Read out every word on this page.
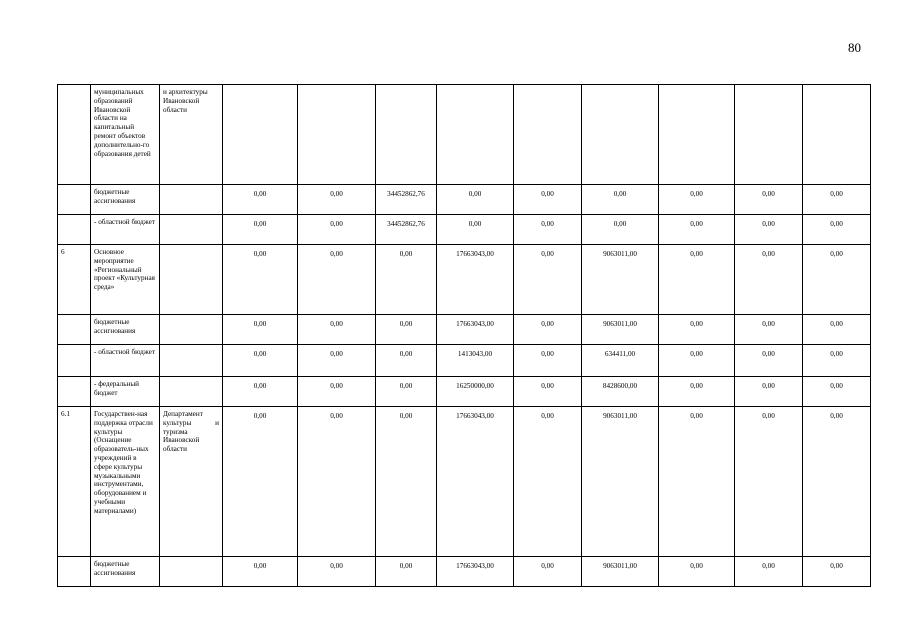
80
	муниципальных образований Ивановской области на капитальный ремонт объектов дополнительно-го образования детей	и архитектуры Ивановской области									
	бюджетные ассигнования		0,00	0,00	34452862,76	0,00	0,00	0,00	0,00	0,00	0,00
	- областной бюджет		0,00	0,00	34452862,76	0,00	0,00	0,00	0,00	0,00	0,00
6	Основное мероприятие «Региональный проект «Культурная среда»		0,00	0,00	0,00	17663043,00	0,00	9063011,00	0,00	0,00	0,00
	бюджетные ассигнования		0,00	0,00	0,00	17663043,00	0,00	9063011,00	0,00	0,00	0,00
	- областной бюджет		0,00	0,00	0,00	1413043,00	0,00	634411,00	0,00	0,00	0,00
	- федеральный бюджет		0,00	0,00	0,00	16250000,00	0,00	8428600,00	0,00	0,00	0,00
6.1	Государствен-ная поддержка отрасли культуры (Оснащение образователь-ных учреждений в сфере культуры музыкальными инструментами, оборудованием и учебными материалами)	Департамент культуры и туризма Ивановской области	0,00	0,00	0,00	17663043,00	0,00	9063011,00	0,00	0,00	0,00
	бюджетные ассигнования		0,00	0,00	0,00	17663043,00	0,00	9063011,00	0,00	0,00	0,00
